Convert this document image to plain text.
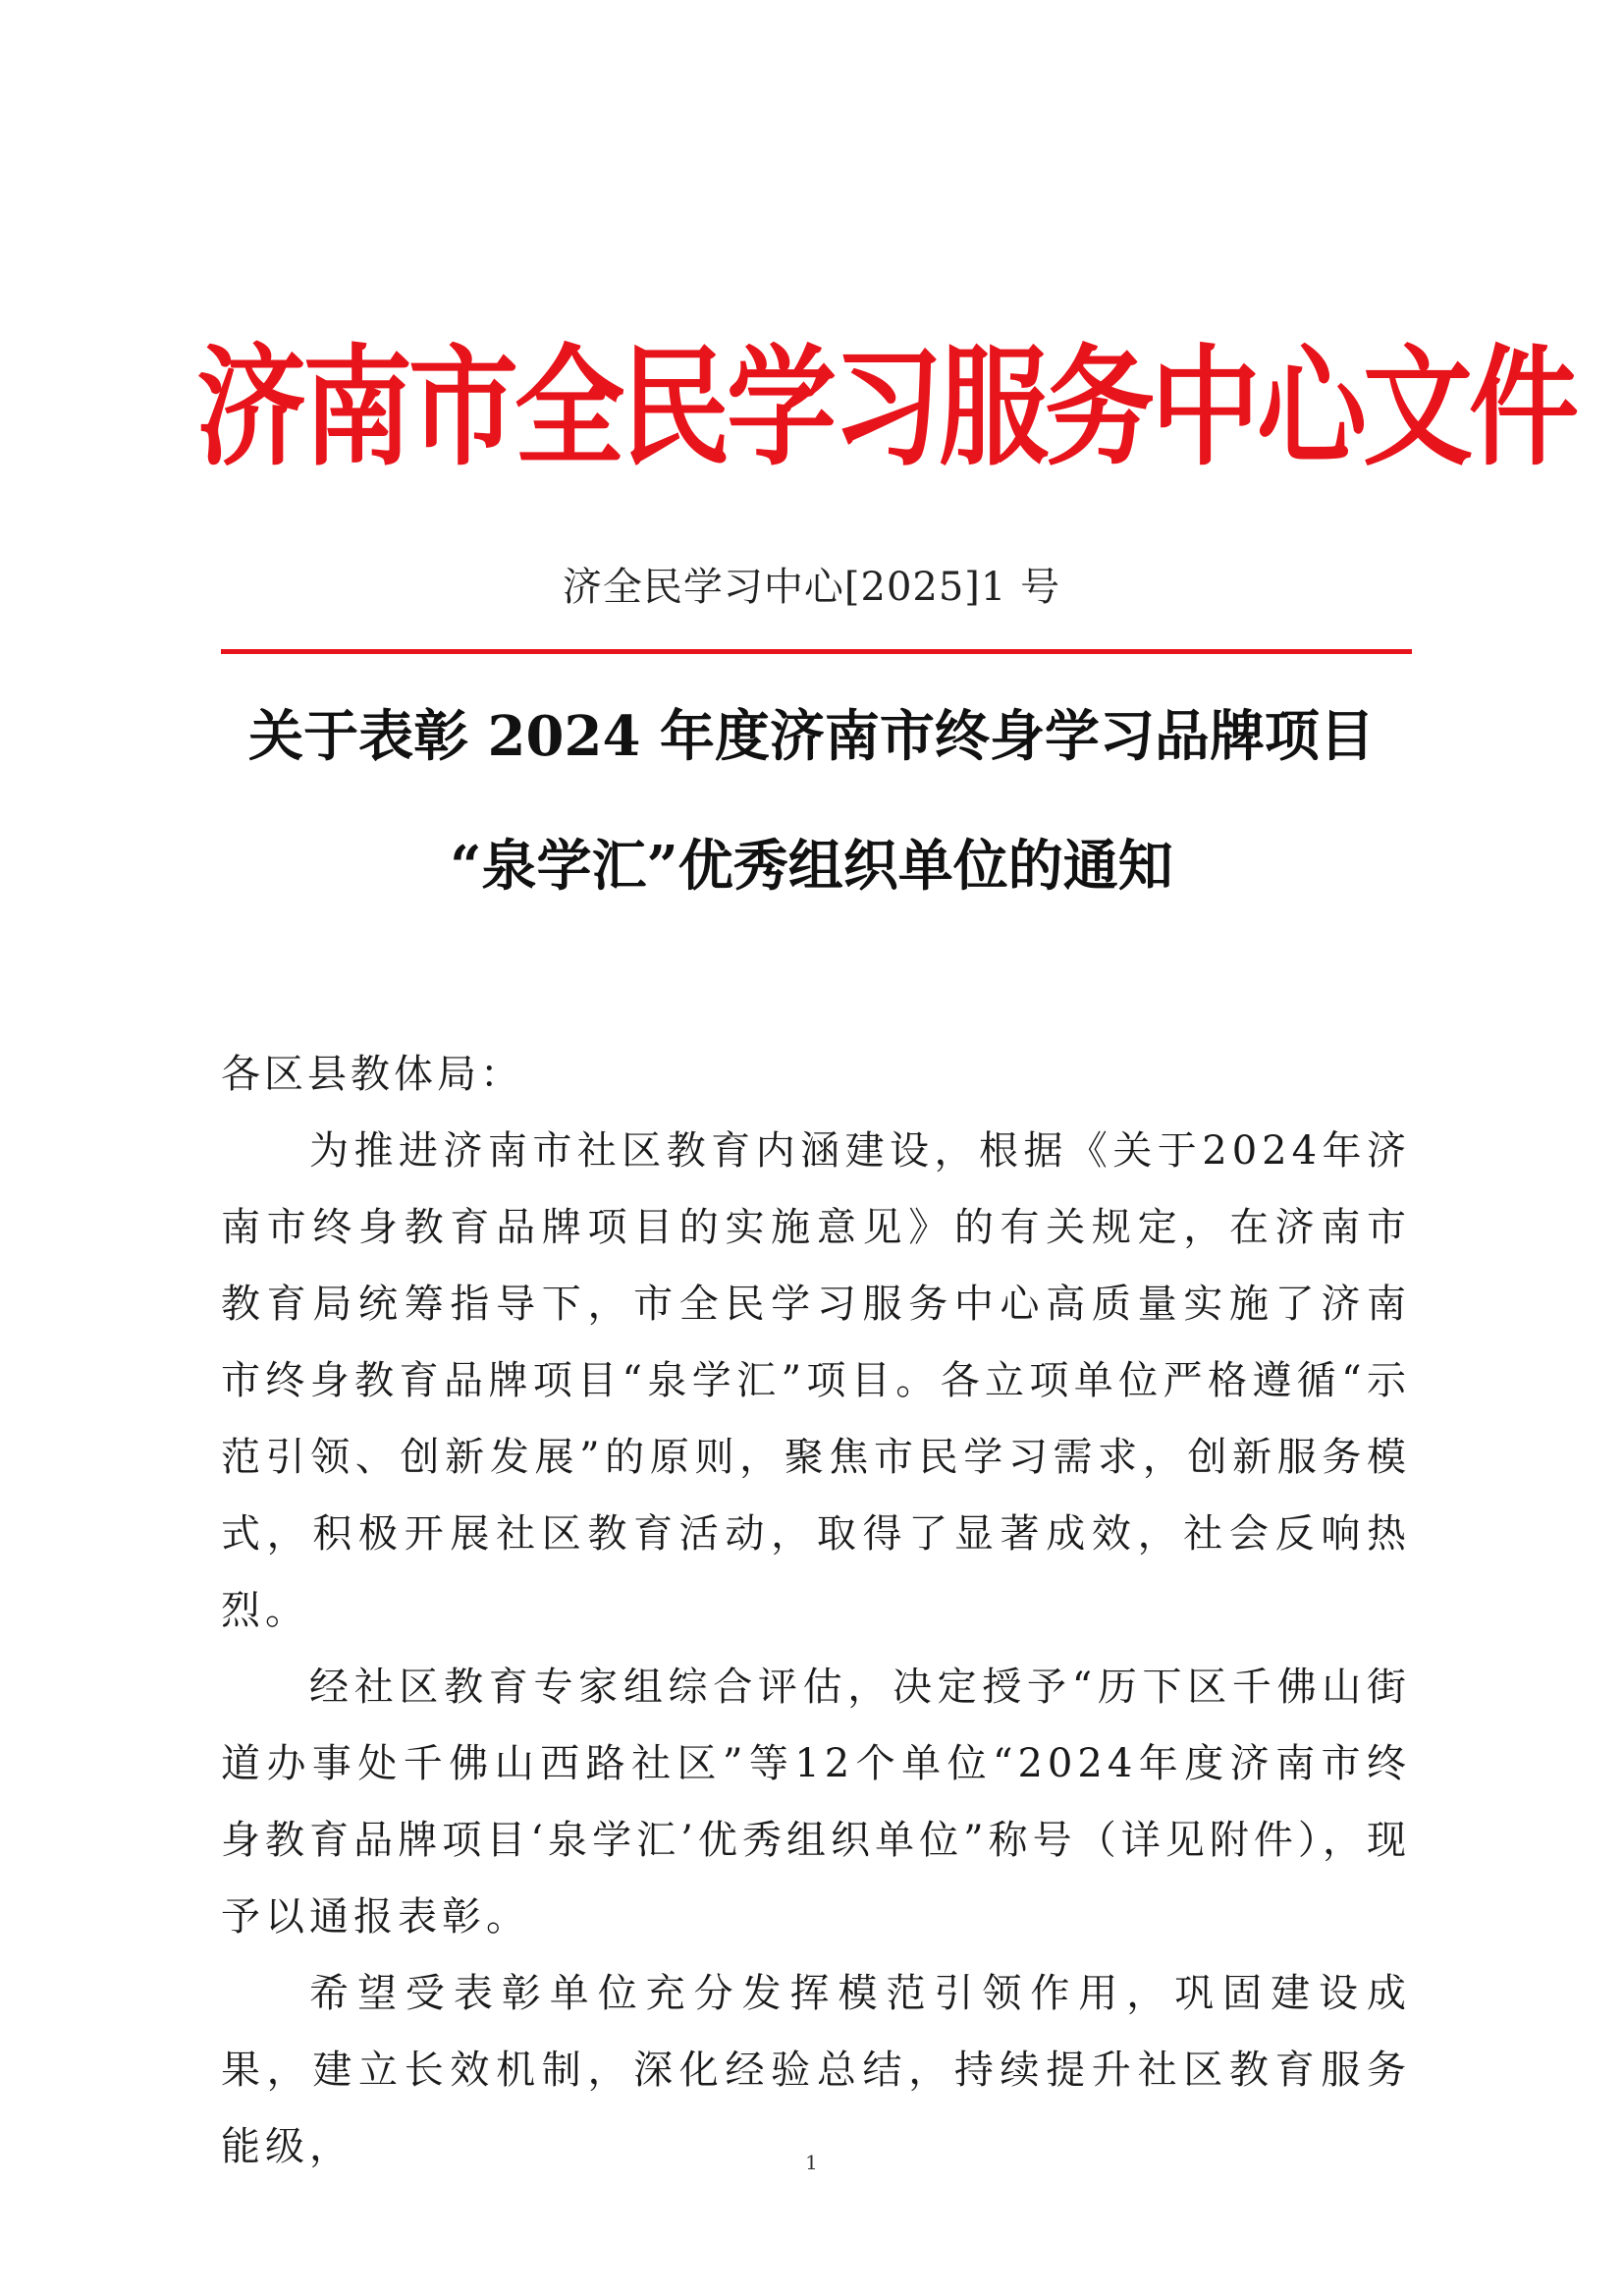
济南市全民学习服务中心文件
济全民学习中心[2025]1 号
关于表彰 2024 年度济南市终身学习品牌项目
“泉学汇”优秀组织单位的通知

各区县教体局：

为推进济南市社区教育内涵建设，根据《关于2024年济南市终身教育品牌项目的实施意见》的有关规定，在济南市教育局统筹指导下，市全民学习服务中心高质量实施了济南市终身教育品牌项目“泉学汇”项目。各立项单位严格遵循“示范引领、创新发展”的原则，聚焦市民学习需求，创新服务模式，积极开展社区教育活动，取得了显著成效，社会反响热烈。

经社区教育专家组综合评估，决定授予“历下区千佛山街道办事处千佛山西路社区”等12个单位“2024年度济南市终身教育品牌项目‘泉学汇’优秀组织单位”称号（详见附件），现予以通报表彰。

希望受表彰单位充分发挥模范引领作用，巩固建设成果，建立长效机制，深化经验总结，持续提升社区教育服务能级，	1
